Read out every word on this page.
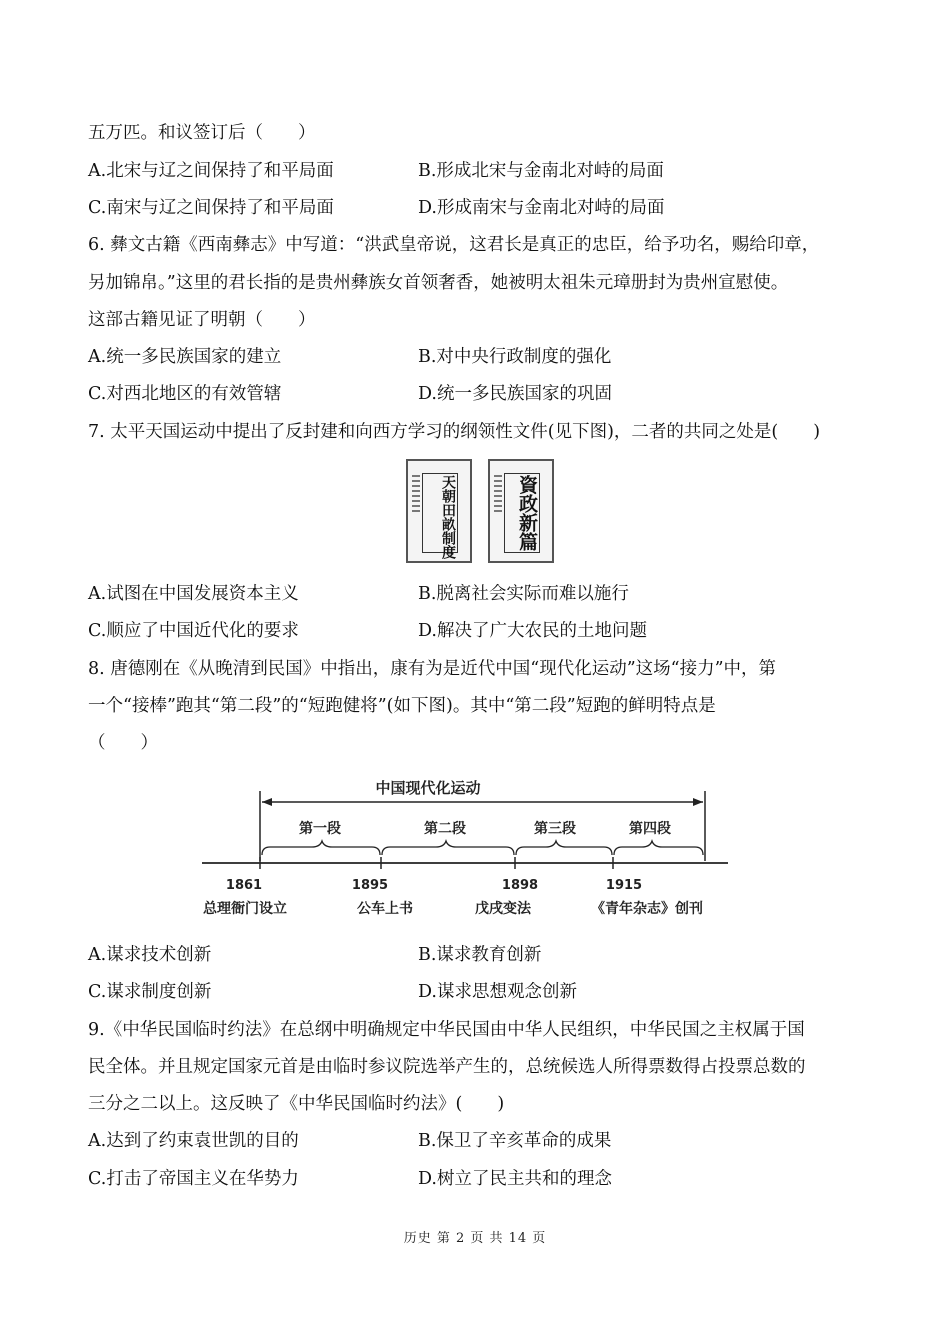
五万匹。和议签订后（　　）
A.北宋与辽之间保持了和平局面	B.形成北宋与金南北对峙的局面
C.南宋与辽之间保持了和平局面	D.形成南宋与金南北对峙的局面
6. 彝文古籍《西南彝志》中写道：“洪武皇帝说，这君长是真正的忠臣，给予功名，赐给印章，
另加锦帛。”这里的君长指的是贵州彝族女首领奢香，她被明太祖朱元璋册封为贵州宣慰使。
这部古籍见证了明朝（　　）
A.统一多民族国家的建立	B.对中央行政制度的强化
C.对西北地区的有效管辖	D.统一多民族国家的巩固
7. 太平天国运动中提出了反封建和向西方学习的纲领性文件(见下图)，二者的共同之处是(　　)
天朝田畝制度	資政新篇
A.试图在中国发展资本主义	B.脱离社会实际而难以施行
C.顺应了中国近代化的要求	D.解决了广大农民的土地问题
8. 唐德刚在《从晚清到民国》中指出，康有为是近代中国“现代化运动”这场“接力”中，第
一个“接棒”跑其“第二段”的“短跑健将”(如下图)。其中“第二段”短跑的鲜明特点是
（　　）
中国现代化运动
第一段	第二段	第三段	第四段
1861	1895	1898	1915
总理衙门设立	公车上书	戊戌变法	《青年杂志》创刊
A.谋求技术创新	B.谋求教育创新
C.谋求制度创新	D.谋求思想观念创新
9.《中华民国临时约法》在总纲中明确规定中华民国由中华人民组织，中华民国之主权属于国
民全体。并且规定国家元首是由临时参议院选举产生的，总统候选人所得票数得占投票总数的
三分之二以上。这反映了《中华民国临时约法》(　　)
A.达到了约束袁世凯的目的	B.保卫了辛亥革命的成果
C.打击了帝国主义在华势力	D.树立了民主共和的理念
历史 第 2 页 共 14 页
